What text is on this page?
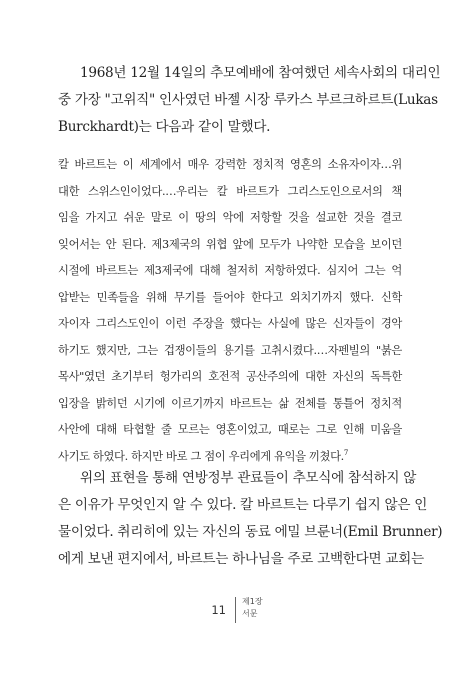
1968년 12월 14일의 추모예배에 참여했던 세속사회의 대리인
중 가장 "고위직" 인사였던 바젤 시장 루카스 부르크하르트(Lukas
Burckhardt)는 다음과 같이 말했다.
칼 바르트는 이 세계에서 매우 강력한 정치적 영혼의 소유자이자…위
대한 스위스인이었다.…우리는 칼 바르트가 그리스도인으로서의 책
임을 가지고 쉬운 말로 이 땅의 악에 저항할 것을 설교한 것을 결코
잊어서는 안 된다. 제3제국의 위협 앞에 모두가 나약한 모습을 보이던
시절에 바르트는 제3제국에 대해 철저히 저항하였다. 심지어 그는 억
압받는 민족들을 위해 무기를 들어야 한다고 외치기까지 했다. 신학
자이자 그리스도인이 이런 주장을 했다는 사실에 많은 신자들이 경악
하기도 했지만, 그는 겁쟁이들의 용기를 고취시켰다.…자펜빌의 "붉은
목사"였던 초기부터 헝가리의 호전적 공산주의에 대한 자신의 독특한
입장을 밝히던 시기에 이르기까지 바르트는 삶 전체를 통틀어 정치적
사안에 대해 타협할 줄 모르는 영혼이었고, 때로는 그로 인해 미움을
사기도 하였다. 하지만 바로 그 점이 우리에게 유익을 끼쳤다.$^7$
위의 표현을 통해 연방정부 관료들이 추모식에 참석하지 않
은 이유가 무엇인지 알 수 있다. 칼 바르트는 다루기 쉽지 않은 인
물이었다. 취리히에 있는 자신의 동료 에밀 브룬너(Emil Brunner)
에게 보낸 편지에서, 바르트는 하나님을 주로 고백한다면 교회는
11
제1장
서문
